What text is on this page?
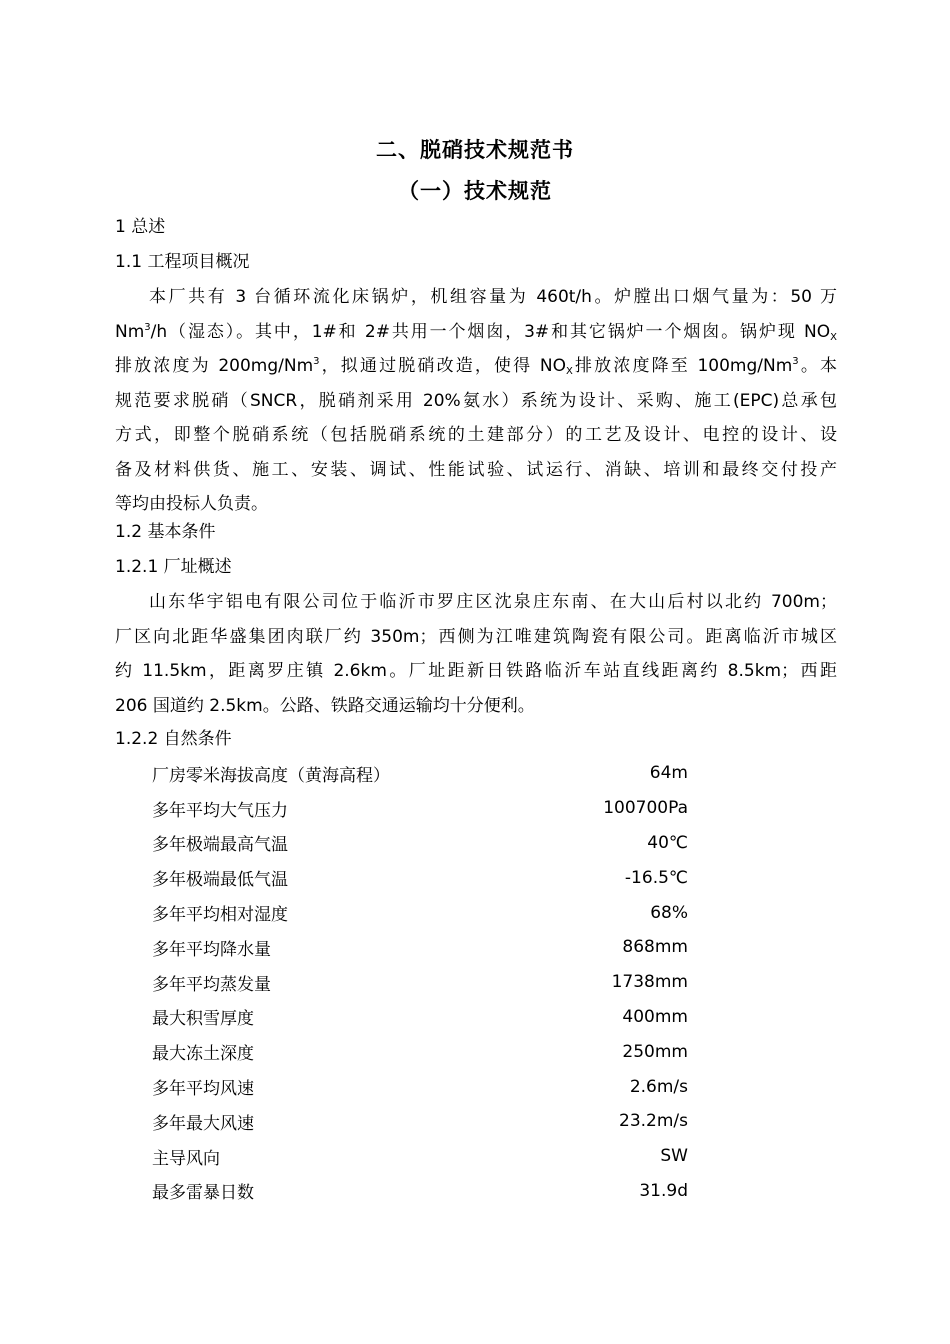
二、脱硝技术规范书
（一）技术规范
1 总述
1.1 工程项目概况
本厂共有 3 台循环流化床锅炉，机组容量为 460t/h。炉膛出口烟气量为：50 万
Nm$^3$/h（湿态）。其中，1#和 2#共用一个烟囱，3#和其它锅炉一个烟囱。锅炉现 $NO_X$
排放浓度为 200mg/Nm$^3$，拟通过脱硝改造，使得 $NO_X$排放浓度降至 100mg/Nm$^3$。本
规范要求脱硝（SNCR，脱硝剂采用 20%氨水）系统为设计、采购、施工(EPC)总承包
方式，即整个脱硝系统（包括脱硝系统的土建部分）的工艺及设计、电控的设计、设
备及材料供货、施工、安装、调试、性能试验、试运行、消缺、培训和最终交付投产
等均由投标人负责。
1.2 基本条件
1.2.1 厂址概述
山东华宇铝电有限公司位于临沂市罗庄区沈泉庄东南、在大山后村以北约 700m；
厂区向北距华盛集团肉联厂约 350m；西侧为江唯建筑陶瓷有限公司。距离临沂市城区
约 11.5km，距离罗庄镇 2.6km。厂址距新日铁路临沂车站直线距离约 8.5km；西距
206 国道约 2.5km。公路、铁路交通运输均十分便利。
1.2.2 自然条件
厂房零米海拔高度（黄海高程）	64m
多年平均大气压力	100700Pa
多年极端最高气温	40℃
多年极端最低气温	-16.5℃
多年平均相对湿度	68%
多年平均降水量	868mm
多年平均蒸发量	1738mm
最大积雪厚度	400mm
最大冻土深度	250mm
多年平均风速	2.6m/s
多年最大风速	23.2m/s
主导风向	SW
最多雷暴日数	31.9d
